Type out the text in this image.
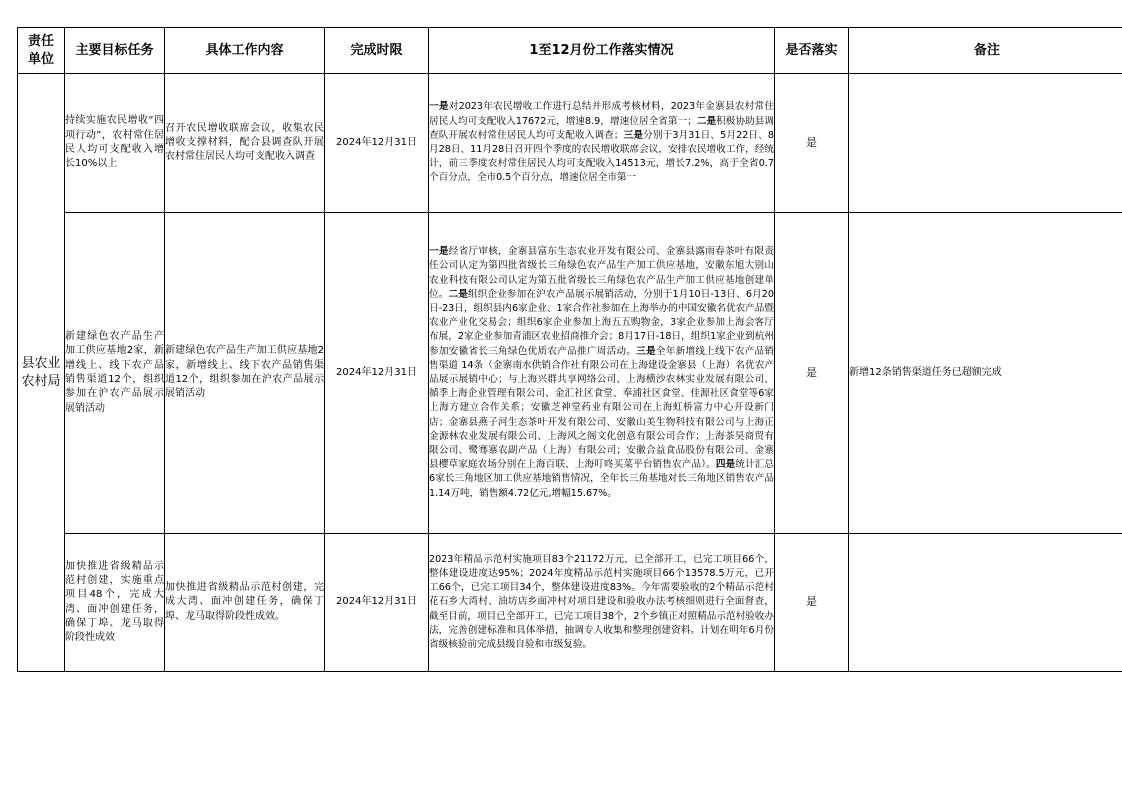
责任单位	主要目标任务	具体工作内容	完成时限	1至12月份工作落实情况	是否落实	备注
县农业农村局	持续实施农民增收“四项行动”，农村常住居民人均可支配收入增长10%以上	召开农民增收联席会议，收集农民增收支撑材料，配合县调查队开展农村常住居民人均可支配收入调查	2024年12月31日	一是对2023年农民增收工作进行总结并形成考核材料，2023年金寨县农村常住居民人均可支配收入17672元，增速8.9，增速位居全省第一；二是积极协助县调查队开展农村常住居民人均可支配收入调查；三是分别于3月31日、5月22日、8月28日、11月28日召开四个季度的农民增收联席会议，安排农民增收工作，经统计，前三季度农村常住居民人均可支配收入14513元，增长7.2%，高于全省0.7个百分点，全市0.5个百分点，增速位居全市第一	是	
	新建绿色农产品生产加工供应基地2家，新增线上、线下农产品销售渠道12个，组织参加在沪农产品展示展销活动	新建绿色农产品生产加工供应基地2家，新增线上、线下农产品销售渠道12个，组织参加在沪农产品展示展销活动	2024年12月31日	一是经省厅审核，金寨县富东生态农业开发有限公司、金寨县露雨春茶叶有限责任公司认定为第四批省级长三角绿色农产品生产加工供应基地，安徽东旭大别山农业科技有限公司认定为第五批省级长三角绿色农产品生产加工供应基地创建单位。二是组织企业参加在沪农产品展示展销活动，分别于1月10日-13日、6月20日-23日，组织县内6家企业、1家合作社参加在上海举办的中国安徽名优农产品暨农业产业化交易会；组织6家企业参加上海五五购物金，3家企业参加上海会客厅布展，2家企业参加青浦区农业招商推介会；8月17日-18日，组织1家企业到杭州参加安徽省长三角绿色优质农产品推广周活动。三是全年新增线上线下农产品销售渠道 14条（金寨南水供销合作社有限公司在上海建设金寨县（上海）名优农产品展示展销中心；与上海兴群共享网络公司、上海横沙农林实业发展有限公司、循季上海企业管理有限公司、金汇社区食堂、奉浦社区食堂、佳源社区食堂等6家上海方建立合作关系；安徽芝神堂药业有限公司在上海虹桥富力中心开设新门店；金寨县燕子河生态茶叶开发有限公司、安徽山美生物科技有限公司与上海正金源林农业发展有限公司、上海风之阁文化创意有限公司合作；上海茶昊商贸有限公司、鹭骞寨农副产品（上海）有限公司；安徽合益食品股份有限公司、金寨县樱草家庭农场分别在上海百联、上海叮咚买菜平台销售农产品）。四是统计汇总6家长三角地区加工供应基地销售情况，全年长三角基地对长三角地区销售农产品1.14万吨，销售额4.72亿元,增幅15.67%。	是	新增12条销售渠道任务已超额完成
	加快推进省级精品示范村创建，实施重点项目48个，完成大湾、面冲创建任务，确保丁埠、龙马取得阶段性成效	加快推进省级精品示范村创建，完成大湾、面冲创建任务，确保丁埠、龙马取得阶段性成效。	2024年12月31日	2023年精品示范村实施项目83个21172万元，已全部开工，已完工项目66个，整体建设进度达95%；2024年度精品示范村实施项目66个13578.5万元，已开工66个，已完工项目34个，整体建设进度83%。今年需要验收的2个精品示范村花石乡大湾村、油坊店乡面冲村对项目建设和验收办法考核细则进行全面督查，截至目前，项目已全部开工，已完工项目38个，2个乡镇正对照精品示范村验收办法，完善创建标准和具体举措，抽调专人收集和整理创建资料。计划在明年6月份省级核验前完成县级自验和市级复验。	是	
